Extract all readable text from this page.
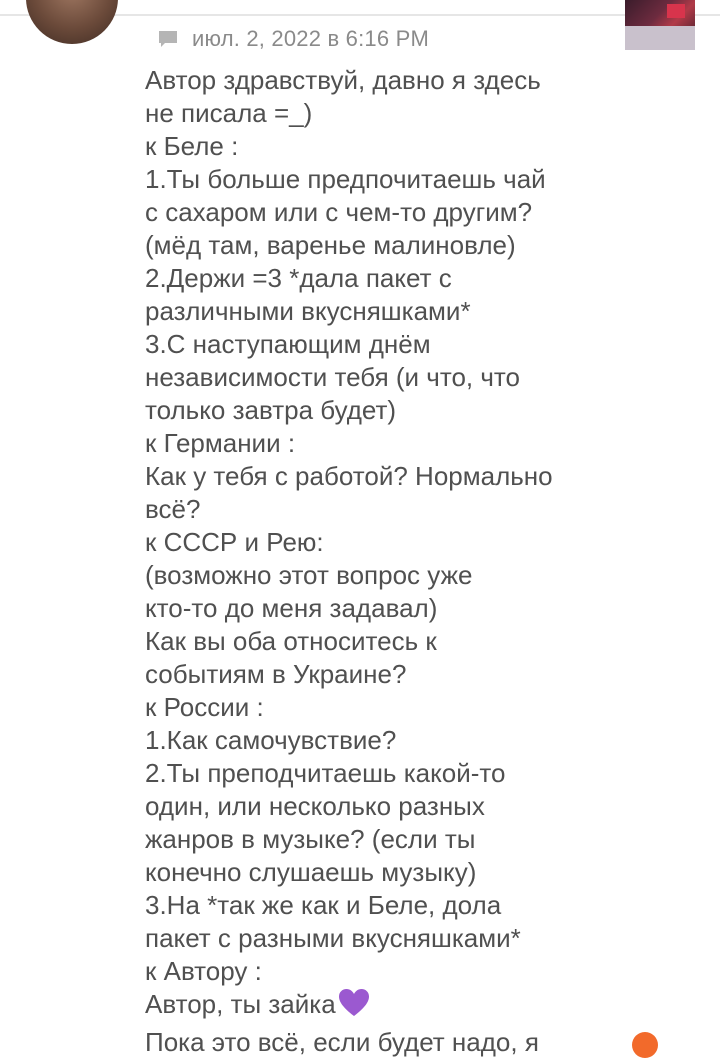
июл. 2, 2022 в 6:16 PM
Автор здравствуй, давно я здесь
не писала =_)
к Беле :
1.Ты больше предпочитаешь чай
с сахаром или с чем-то другим?
(мёд там, варенье малиновле)
2.Держи =3 *дала пакет с
различными вкусняшками*
3.С наступающим днём
независимости тебя (и что, что
только завтра будет)
к Германии :
Как у тебя с работой? Нормально
всё?
к СССР и Рею:
(возможно этот вопрос уже
кто-то до меня задавал)
Как вы оба относитесь к
событиям в Украине?
к России :
1.Как самочувствие?
2.Ты преподчитаешь какой-то
один, или несколько разных
жанров в музыке? (если ты
конечно слушаешь музыку)
3.На *так же как и Беле, дола
пакет с разными вкусняшками*
к Автору :
Автор, ты зайка
Пока это всё, если будет надо, я
